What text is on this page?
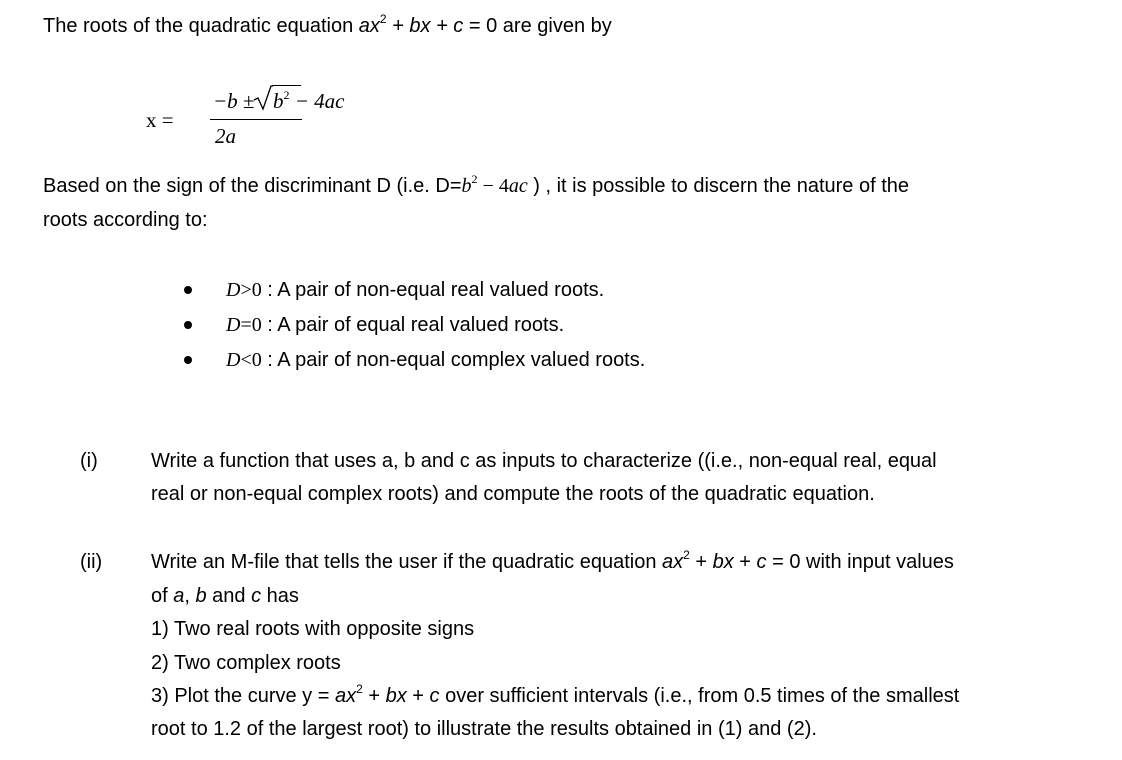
The roots of the quadratic equation $ax^2$ + bx + c = 0 are given by
x =
$-b \pm b^2 - 4ac$
2a
Based on the sign of the discriminant D (i.e. $D=b^2 - 4ac$ ) , it is possible to discern the nature of the
roots according to:
D>0 : A pair of non-equal real valued roots.
D=0 : A pair of equal real valued roots.
D<0 : A pair of non-equal complex valued roots.
(i)	Write a function that uses a, b and c as inputs to characterize ((i.e., non-equal real, equal
real or non-equal complex roots) and compute the roots of the quadratic equation.
(ii) Write an M-file that tells the user if the quadratic equation $ax^2$ + bx + c = 0 with input values
of a, b and c has
1) Two real roots with opposite signs
2) Two complex roots
3) Plot the curve $y = ax^2$ + bx + c over sufficient intervals (i.e., from 0.5 times of the smallest
root to 1.2 of the largest root) to illustrate the results obtained in (1) and (2).
